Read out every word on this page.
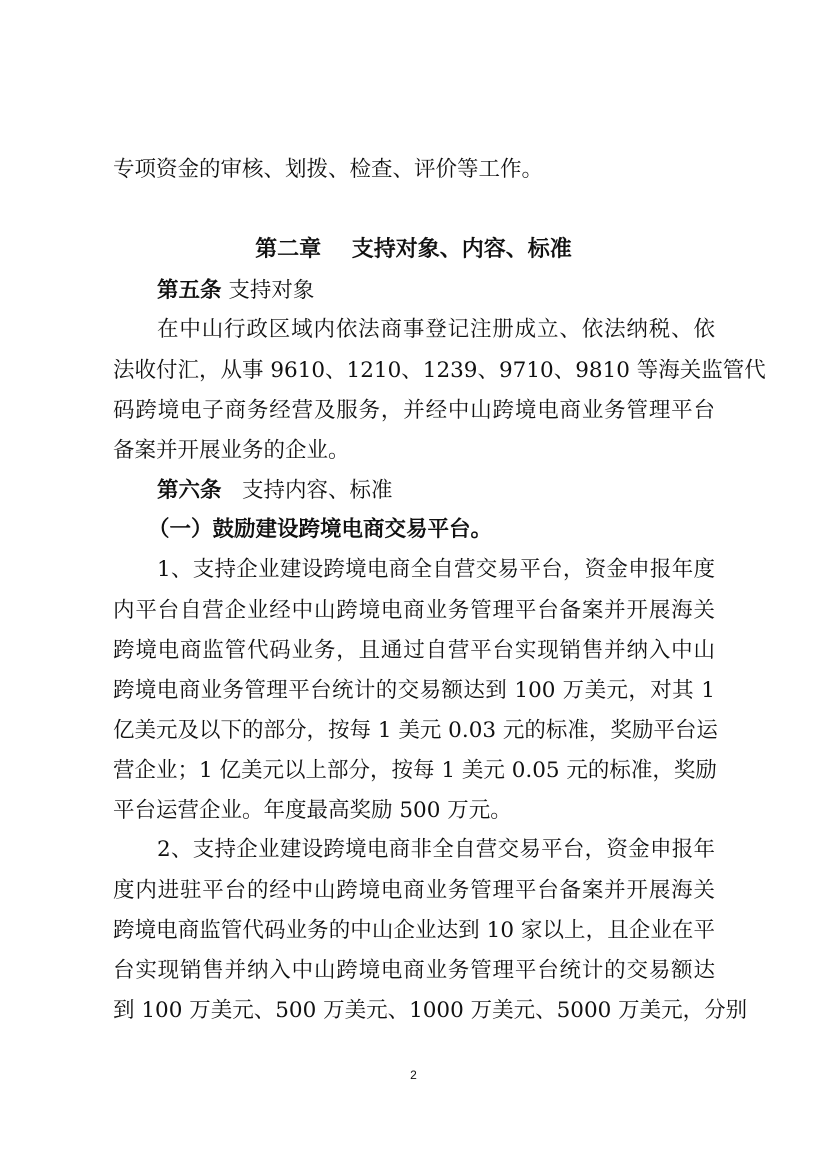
专项资金的审核、划拨、检查、评价等工作。
第二章    支持对象、内容、标准
第五条 支持对象
在中山行政区域内依法商事登记注册成立、依法纳税、依
法收付汇，从事 9610、1210、1239、9710、9810 等海关监管代
码跨境电子商务经营及服务，并经中山跨境电商业务管理平台
备案并开展业务的企业。
第六条 支持内容、标准
（一）鼓励建设跨境电商交易平台。
1、支持企业建设跨境电商全自营交易平台，资金申报年度
内平台自营企业经中山跨境电商业务管理平台备案并开展海关
跨境电商监管代码业务，且通过自营平台实现销售并纳入中山
跨境电商业务管理平台统计的交易额达到 100 万美元，对其 1
亿美元及以下的部分，按每 1 美元 0.03 元的标准，奖励平台运
营企业；1 亿美元以上部分，按每 1 美元 0.05 元的标准，奖励
平台运营企业。年度最高奖励 500 万元。
2、支持企业建设跨境电商非全自营交易平台，资金申报年
度内进驻平台的经中山跨境电商业务管理平台备案并开展海关
跨境电商监管代码业务的中山企业达到 10 家以上，且企业在平
台实现销售并纳入中山跨境电商业务管理平台统计的交易额达
到 100 万美元、500 万美元、1000 万美元、5000 万美元，分别
2
